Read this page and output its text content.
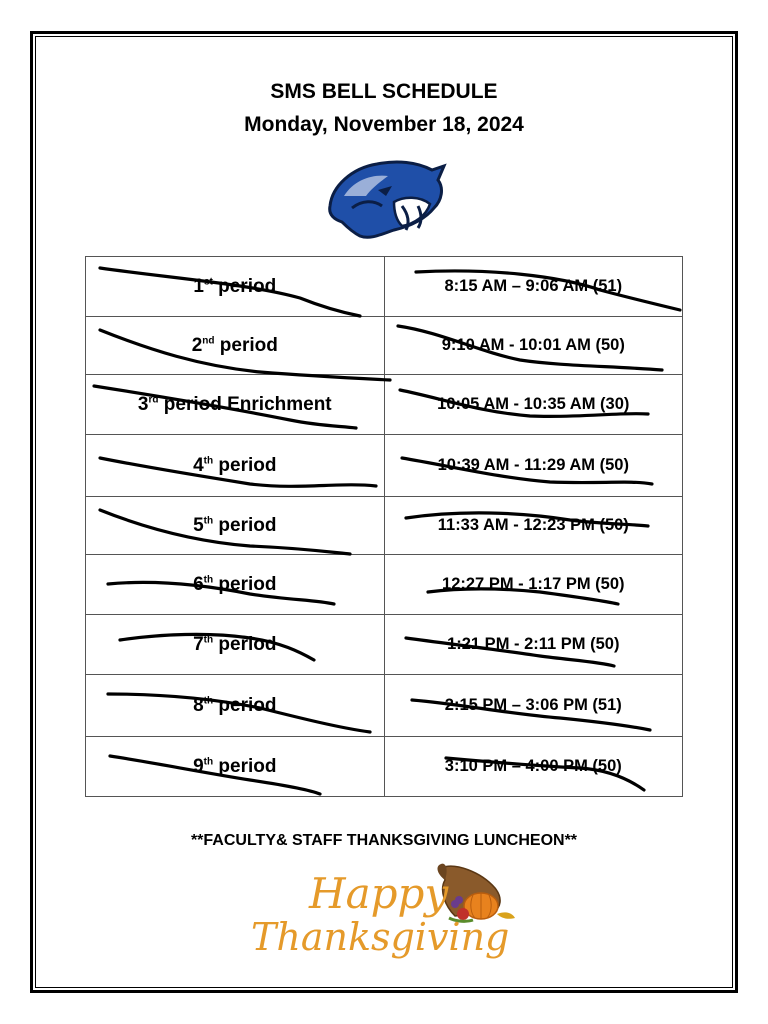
SMS BELL SCHEDULE
Monday, November 18, 2024
1st period	8:15 AM – 9:06 AM (51)
2nd period	9:10 AM - 10:01 AM (50)
3rd period Enrichment	10:05 AM - 10:35 AM (30)
4th period	10:39 AM - 11:29 AM (50)
5th period	11:33 AM - 12:23 PM (50)
6th period	12:27 PM - 1:17 PM (50)
7th period	1:21 PM - 2:11 PM (50)
8th period	2:15 PM – 3:06 PM (51)
9th period	3:10 PM – 4:00 PM (50)
**FACULTY& STAFF THANKSGIVING LUNCHEON**
Happy
Thanksgiving
